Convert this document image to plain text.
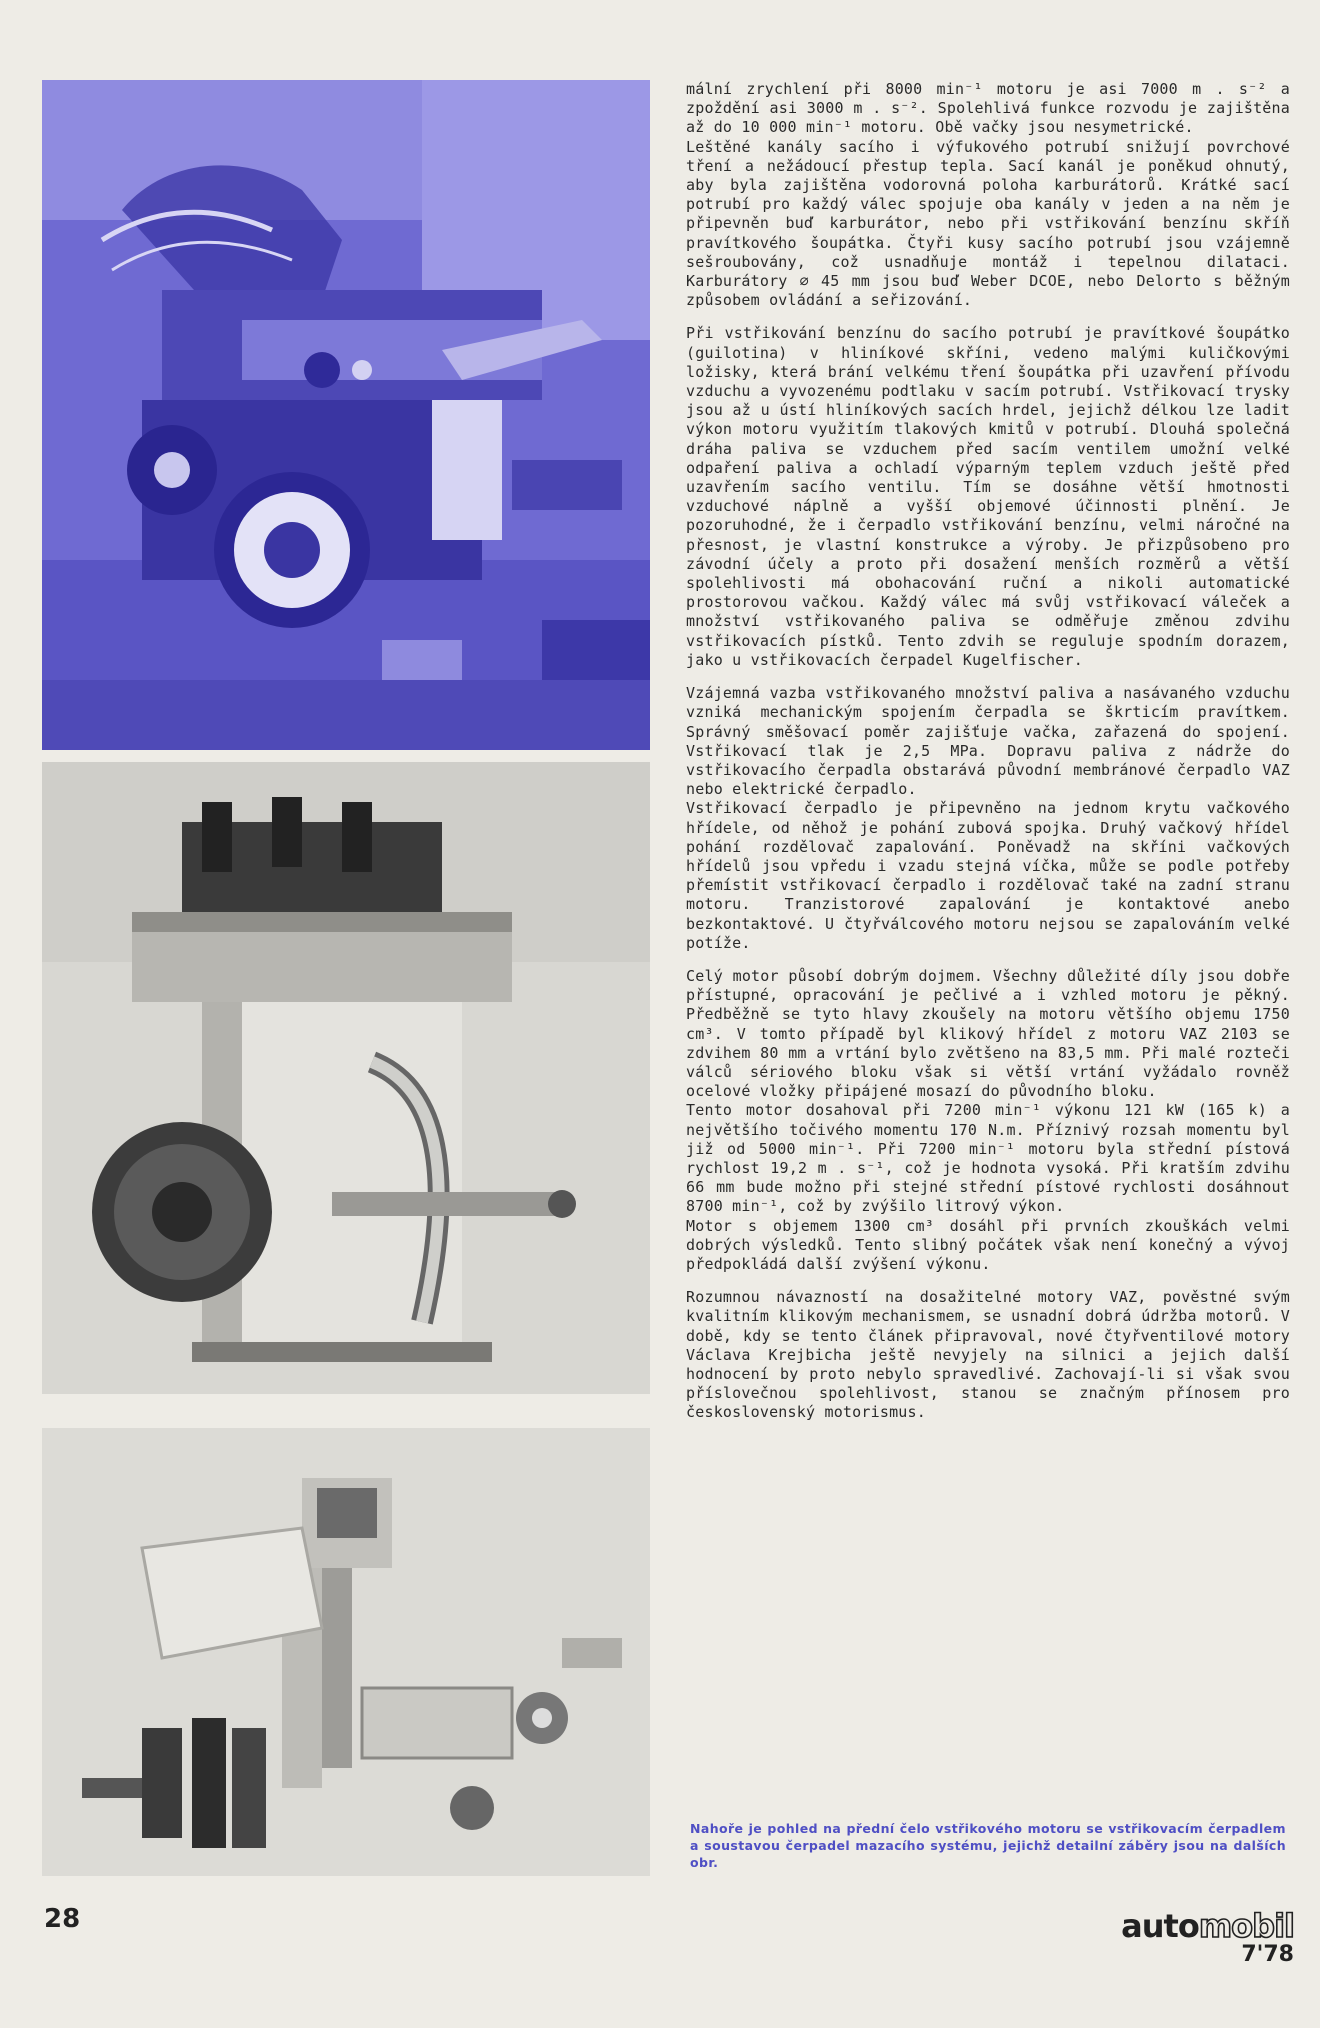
mální zrychlení při 8000 min⁻¹ motoru je asi 7000 m . s⁻² a zpoždění asi 3000 m . s⁻². Spolehlivá funkce rozvodu je zajištěna až do 10 000 min⁻¹ motoru. Obě vačky jsou nesymetrické.

Leštěné kanály sacího i výfukového potrubí snižují povrchové tření a nežádoucí přestup tepla. Sací kanál je poněkud ohnutý, aby byla zajištěna vodorovná poloha karburátorů. Krátké sací potrubí pro každý válec spojuje oba kanály v jeden a na něm je připevněn buď karburátor, nebo při vstřikování benzínu skříň pravítkového šoupátka. Čtyři kusy sacího potrubí jsou vzájemně sešroubovány, což usnadňuje montáž i tepelnou dilataci. Karburátory ⌀ 45 mm jsou buď Weber DCOE, nebo Delorto s běžným způsobem ovládání a seřizování.

Při vstřikování benzínu do sacího potrubí je pravítkové šoupátko (guilotina) v hliníkové skříni, vedeno malými kuličkovými ložisky, která brání velkému tření šoupátka při uzavření přívodu vzduchu a vyvozenému podtlaku v sacím potrubí. Vstřikovací trysky jsou až u ústí hliníkových sacích hrdel, jejichž délkou lze ladit výkon motoru využitím tlakových kmitů v potrubí. Dlouhá společná dráha paliva se vzduchem před sacím ventilem umožní velké odpaření paliva a ochladí výparným teplem vzduch ještě před uzavřením sacího ventilu. Tím se dosáhne větší hmotnosti vzduchové náplně a vyšší objemové účinnosti plnění. Je pozoruhodné, že i čerpadlo vstřikování benzínu, velmi náročné na přesnost, je vlastní konstrukce a výroby. Je přizpůsobeno pro závodní účely a proto při dosažení menších rozměrů a větší spolehlivosti má obohacování ruční a nikoli automatické prostorovou vačkou. Každý válec má svůj vstřikovací váleček a množství vstřikovaného paliva se odměřuje změnou zdvihu vstřikovacích pístků. Tento zdvih se reguluje spodním dorazem, jako u vstřikovacích čerpadel Kugelfischer.

Vzájemná vazba vstřikovaného množství paliva a nasávaného vzduchu vzniká mechanickým spojením čerpadla se škrticím pravítkem. Správný směšovací poměr zajišťuje vačka, zařazená do spojení. Vstřikovací tlak je 2,5 MPa. Dopravu paliva z nádrže do vstřikovacího čerpadla obstarává původní membránové čerpadlo VAZ nebo elektrické čerpadlo.

Vstřikovací čerpadlo je připevněno na jednom krytu vačkového hřídele, od něhož je pohání zubová spojka. Druhý vačkový hřídel pohání rozdělovač zapalování. Poněvadž na skříni vačkových hřídelů jsou vpředu i vzadu stejná víčka, může se podle potřeby přemístit vstřikovací čerpadlo i rozdělovač také na zadní stranu motoru. Tranzistorové zapalování je kontaktové anebo bezkontaktové. U čtyřválcového motoru nejsou se zapalováním velké potíže.

Celý motor působí dobrým dojmem. Všechny důležité díly jsou dobře přístupné, opracování je pečlivé a i vzhled motoru je pěkný. Předběžně se tyto hlavy zkoušely na motoru většího objemu 1750 cm³. V tomto případě byl klikový hřídel z motoru VAZ 2103 se zdvihem 80 mm a vrtání bylo zvětšeno na 83,5 mm. Při malé rozteči válců sériového bloku však si větší vrtání vyžádalo rovněž ocelové vložky připájené mosazí do původního bloku.

Tento motor dosahoval při 7200 min⁻¹ výkonu 121 kW (165 k) a největšího točivého momentu 170 N.m. Příznivý rozsah momentu byl již od 5000 min⁻¹. Při 7200 min⁻¹ motoru byla střední pístová rychlost 19,2 m . s⁻¹, což je hodnota vysoká. Při kratším zdvihu 66 mm bude možno při stejné střední pístové rychlosti dosáhnout 8700 min⁻¹, což by zvýšilo litrový výkon.

Motor s objemem 1300 cm³ dosáhl při prvních zkouškách velmi dobrých výsledků. Tento slibný počátek však není konečný a vývoj předpokládá další zvýšení výkonu.

Rozumnou návazností na dosažitelné motory VAZ, pověstné svým kvalitním klikovým mechanismem, se usnadní dobrá údržba motorů. V době, kdy se tento článek připravoval, nové čtyřventilové motory Václava Krejbicha ještě nevyjely na silnici a jejich další hodnocení by proto nebylo spravedlivé. Zachovají-li si však svou příslovečnou spolehlivost, stanou se značným přínosem pro československý motorismus.

Nahoře je pohled na přední čelo vstřikového motoru se vstřikovacím čerpadlem a soustavou čerpadel mazacího systému, jejichž detailní záběry jsou na dalších obr.
28	automobil
7'78
